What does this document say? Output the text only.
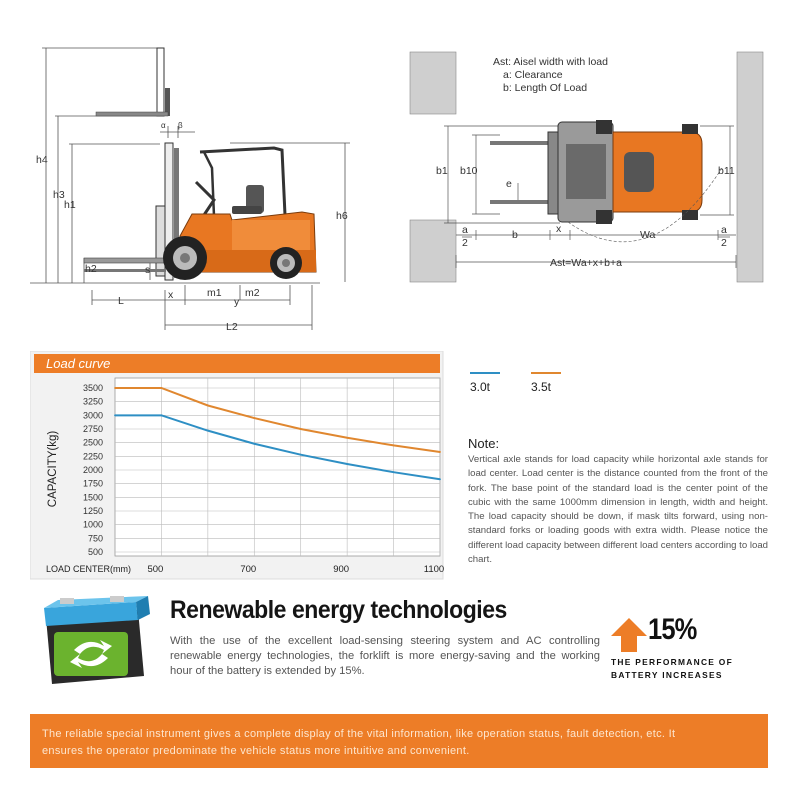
h4
h3
h1
h2	s
h6
α β
L	x	m1 m2
y
L2
Ast: Aisel width with load
a: Clearance
b: Length Of Load
b1 b10
e
b11
x
b	Wa
a
2
a
2
Ast=Wa+x+b+a
Load curve
CAPACITY(kg)
LOAD CENTER(mm)
3500
3250
3000
2750
2500
2250
2000
1750
1500
1250
1000
750
500
500	700	900	1100
3.0t	3.5t
Note:
Vertical axle stands for load capacity while horizontal axle stands for load center. Load center is the distance counted from the front of the fork. The base point of the standard load is the center point of the cubic with the same 1000mm dimension in length, width and height. The load capacity should be down, if mask tilts forward, using non-standard forks or loading goods with extra width. Please notice the different load capacity between different load centers according to load chart.
Renewable energy technologies
With the use of the excellent load-sensing steering system and AC controlling renewable energy technologies, the forklift is more energy-saving and the working hour of the battery is extended by 15%.
15%
THE PERFORMANCE OF BATTERY INCREASES
The reliable special instrument gives a complete display of the vital information, like operation status, fault detection, etc. It ensures the operator predominate the vehicle status more intuitive and convenient.
